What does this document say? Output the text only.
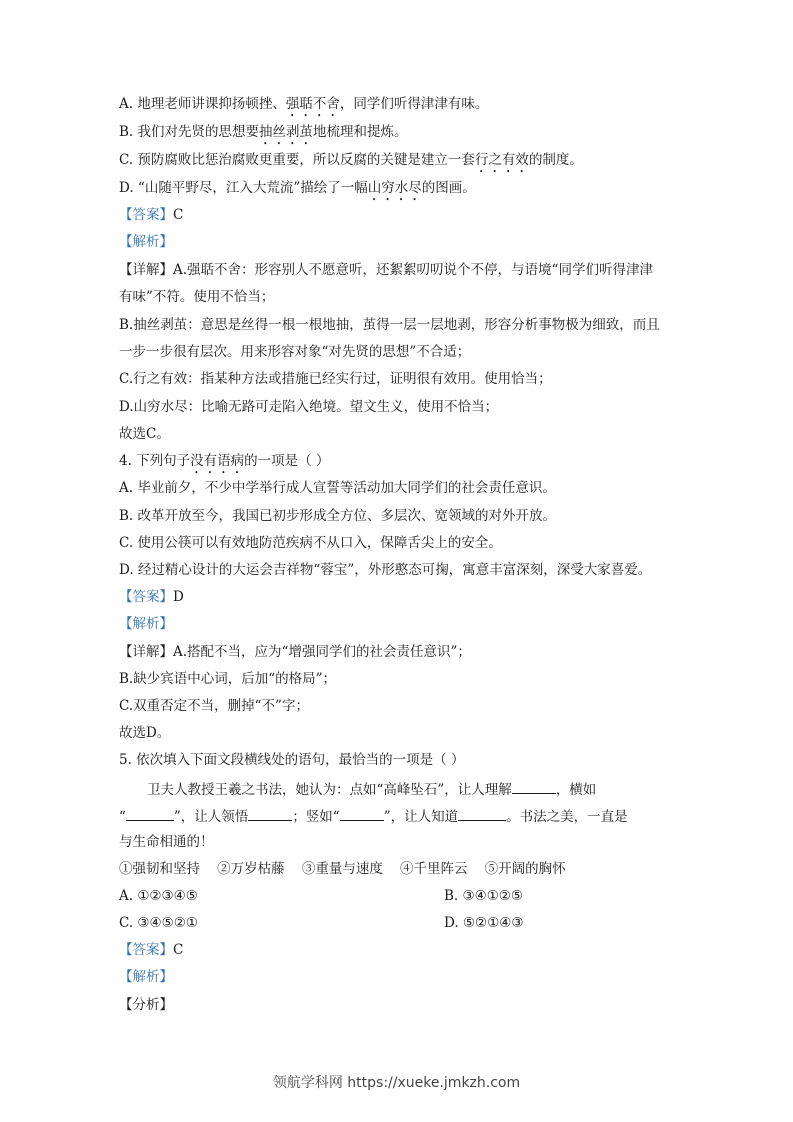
A. 地理老师讲课抑扬顿挫、强聒不舍，同学们听得津津有味。
B. 我们对先贤的思想要抽丝剥茧地梳理和提炼。
C. 预防腐败比惩治腐败更重要，所以反腐的关键是建立一套行之有效的制度。
D. “山随平野尽，江入大荒流”描绘了一幅山穷水尽的图画。
【答案】C
【解析】
【详解】A.强聒不舍：形容别人不愿意听，还絮絮叨叨说个不停，与语境“同学们听得津津
有味”不符。使用不恰当；
B.抽丝剥茧：意思是丝得一根一根地抽，茧得一层一层地剥，形容分析事物极为细致，而且
一步一步很有层次。用来形容对象“对先贤的思想”不合适；
C.行之有效：指某种方法或措施已经实行过，证明很有效用。使用恰当；
D.山穷水尽：比喻无路可走陷入绝境。望文生义，使用不恰当；
故选C。
4. 下列句子没有语病的一项是（ ）
A. 毕业前夕，不少中学举行成人宣誓等活动加大同学们的社会责任意识。
B. 改革开放至今，我国已初步形成全方位、多层次、宽领域的对外开放。
C. 使用公筷可以有效地防范疾病不从口入，保障舌尖上的安全。
D. 经过精心设计的大运会吉祥物“蓉宝”，外形憨态可掬，寓意丰富深刻，深受大家喜爱。
【答案】D
【解析】
【详解】A.搭配不当，应为“增强同学们的社会责任意识”；
B.缺少宾语中心词，后加“的格局”；
C.双重否定不当，删掉“不”字；
故选D。
5. 依次填入下面文段横线处的语句，最恰当的一项是（ ）
卫夫人教授王羲之书法，她认为：点如“高峰坠石”，让人理解	，横如
“	”，让人领悟	；竖如“	”，让人知道	。书法之美，一直是
与生命相通的！
①强韧和坚持    ②万岁枯藤    ③重量与速度    ④千里阵云    ⑤开阔的胸怀
A. ①②③④⑤	B. ③④①②⑤
C. ③④⑤②①	D. ⑤②①④③
【答案】C
【解析】
【分析】
领航学科网 https://xueke.jmkzh.com
